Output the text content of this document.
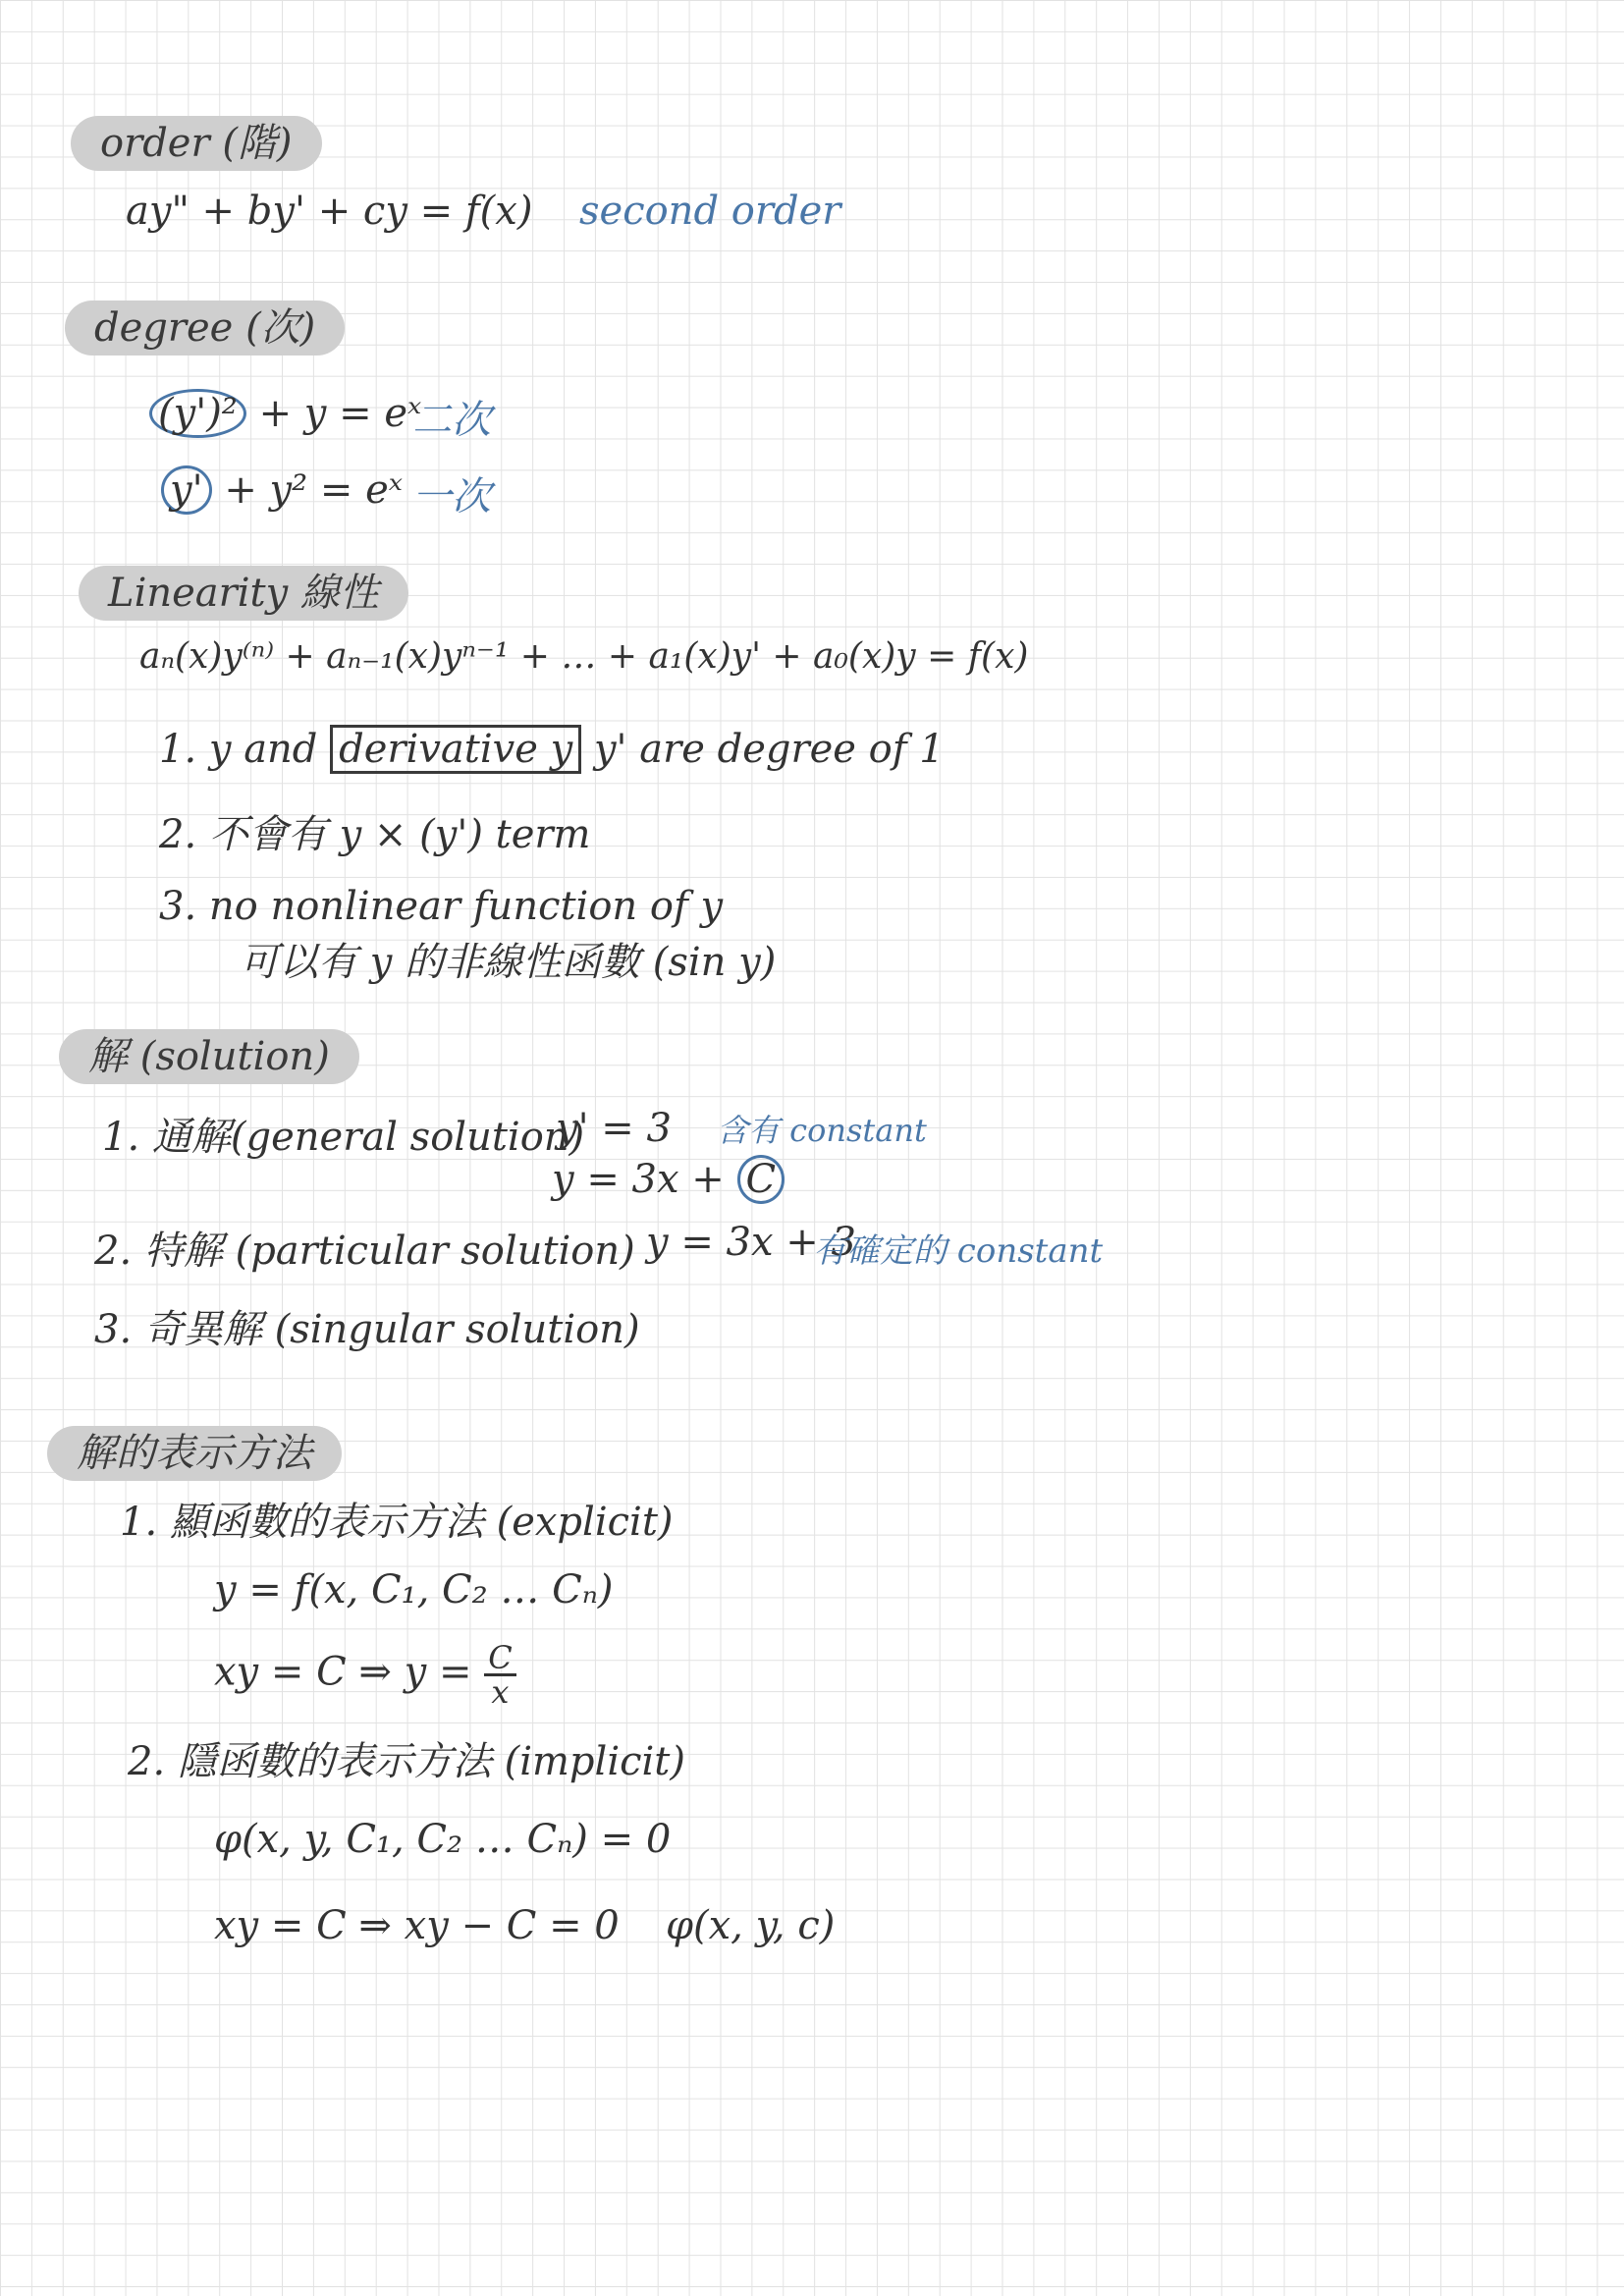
order (階)
ay" + by' + cy = f(x) second order
degree (次)
(y')² + y = eˣ
二次
y' + y² = eˣ 一次
Linearity 線性
aₙ(x)y⁽ⁿ⁾ + aₙ₋₁(x)yⁿ⁻¹ + … + a₁(x)y' + a₀(x)y = f(x)
1. y and derivative y y' are degree of 1
2. 不會有 y × (y') term
3. no nonlinear function of y
可以有 y 的非線性函數 (sin y)
解 (solution)
1. 通解(general solution)
y' = 3 含有 constant
y = 3x + C
2. 特解 (particular solution) y = 3x + 3
有確定的 constant
3. 奇異解 (singular solution)
解的表示方法
1. 顯函數的表示方法 (explicit)
y = f(x, C₁, C₂ … Cₙ)
xy = C ⇒ $y = \frac{C}{x}$
2. 隱函數的表示方法 (implicit)
φ(x, y, C₁, C₂ … Cₙ) = 0
xy = C ⇒ xy − C = 0 φ(x, y, c)
